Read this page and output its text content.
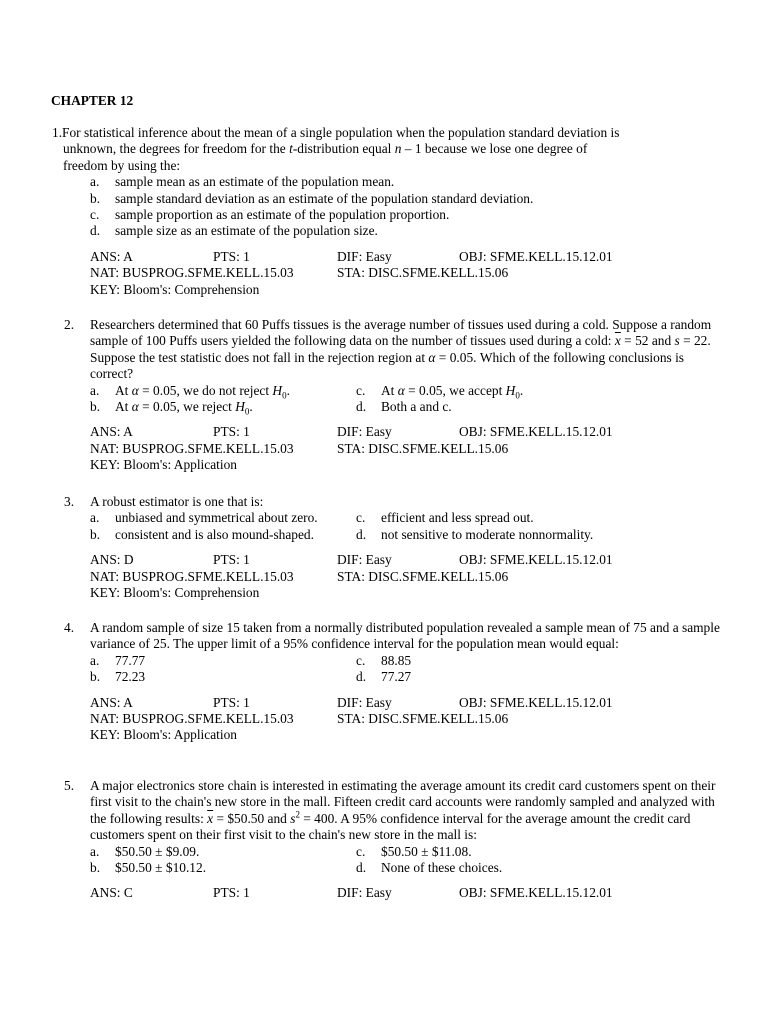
CHAPTER 12
1.For statistical inference about the mean of a single population when the population standard deviation is
unknown, the degrees for freedom for the t-distribution equal n – 1 because we lose one degree of
freedom by using the:
a.	sample mean as an estimate of the population mean.
b.	sample standard deviation as an estimate of the population standard deviation.
c.	sample proportion as an estimate of the population proportion.
d.	sample size as an estimate of the population size.
ANS: A	PTS: 1	DIF: Easy	OBJ: SFME.KELL.15.12.01
NAT: BUSPROG.SFME.KELL.15.03	STA: DISC.SFME.KELL.15.06
KEY: Bloom's: Comprehension
2. Researchers determined that 60 Puffs tissues is the average number of tissues used during a cold. Suppose a random sample of 100 Puffs users yielded the following data on the number of tissues used during a cold: $\overline{x} = 52$ and s = 22. Suppose the test statistic does not fall in the rejection region at α = 0.05. Which of the following conclusions is correct?
a.	At α = 0.05, we do not reject $H_0$.	c.	At α = 0.05, we accept $H_0$.
b.	At α = 0.05, we reject $H_0$.	d.	Both a and c.
ANS: A	PTS: 1	DIF: Easy	OBJ: SFME.KELL.15.12.01
NAT: BUSPROG.SFME.KELL.15.03	STA: DISC.SFME.KELL.15.06
KEY: Bloom's: Application
3. A robust estimator is one that is:
a.	unbiased and symmetrical about zero.	c.	efficient and less spread out.
b.	consistent and is also mound-shaped.	d.	not sensitive to moderate nonnormality.
ANS: D	PTS: 1	DIF: Easy	OBJ: SFME.KELL.15.12.01
NAT: BUSPROG.SFME.KELL.15.03	STA: DISC.SFME.KELL.15.06
KEY: Bloom's: Comprehension
4. A random sample of size 15 taken from a normally distributed population revealed a sample mean of 75 and a sample variance of 25. The upper limit of a 95% confidence interval for the population mean would equal:
a.	77.77	c.	88.85
b.	72.23	d.	77.27
ANS: A	PTS: 1	DIF: Easy	OBJ: SFME.KELL.15.12.01
NAT: BUSPROG.SFME.KELL.15.03	STA: DISC.SFME.KELL.15.06
KEY: Bloom's: Application
5. A major electronics store chain is interested in estimating the average amount its credit card customers spent on their first visit to the chain's new store in the mall. Fifteen credit card accounts were randomly sampled and analyzed with the following results: $\overline{x}$ = $50.50 and $s^2 = 400$. A 95% confidence interval for the average amount the credit card customers spent on their first visit to the chain's new store in the mall is:
a.	$50.50 ± $9.09.	c.	$50.50 ± $11.08.
b.	$50.50 ± $10.12.	d.	None of these choices.
ANS: C	PTS: 1	DIF: Easy	OBJ: SFME.KELL.15.12.01
